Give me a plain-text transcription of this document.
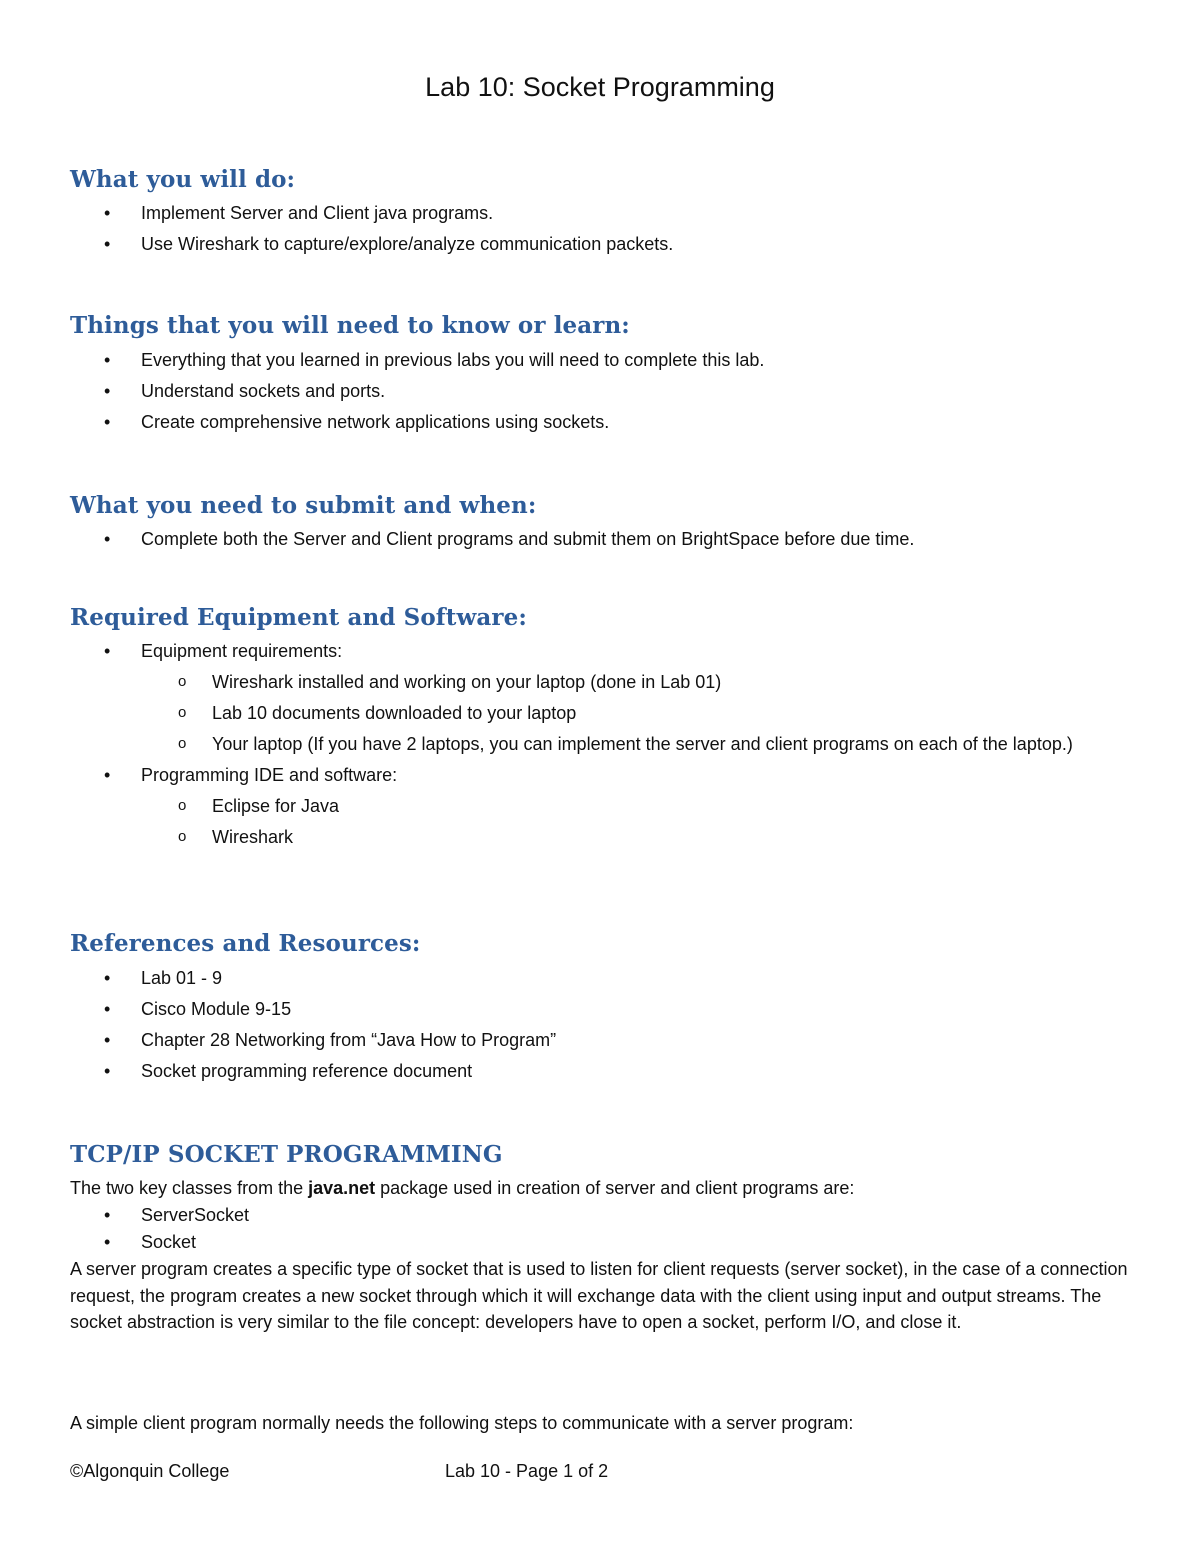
Lab 10: Socket Programming
What you will do:
• Implement Server and Client java programs.
• Use Wireshark to capture/explore/analyze communication packets.
Things that you will need to know or learn:
• Everything that you learned in previous labs you will need to complete this lab.
• Understand sockets and ports.
• Create comprehensive network applications using sockets.
What you need to submit and when:
• Complete both the Server and Client programs and submit them on BrightSpace before due time.
Required Equipment and Software:
• Equipment requirements:
o Wireshark installed and working on your laptop (done in Lab 01)
o Lab 10 documents downloaded to your laptop
o Your laptop (If you have 2 laptops, you can implement the server and client programs on each of the laptop.)
• Programming IDE and software:
o Eclipse for Java
o Wireshark
References and Resources:
• Lab 01 - 9
• Cisco Module 9-15
• Chapter 28 Networking from “Java How to Program”
• Socket programming reference document
TCP/IP SOCKET PROGRAMMING

The two key classes from the java.net package used in creation of server and client programs are:

• ServerSocket
• Socket

A server program creates a specific type of socket that is used to listen for client requests (server socket), in the case of a connection request, the program creates a new socket through which it will exchange data with the client using input and output streams. The socket abstraction is very similar to the file concept: developers have to open a socket, perform I/O, and close it.

A simple client program normally needs the following steps to communicate with a server program:

©Algonquin College	Lab 10 - Page 1 of 2
